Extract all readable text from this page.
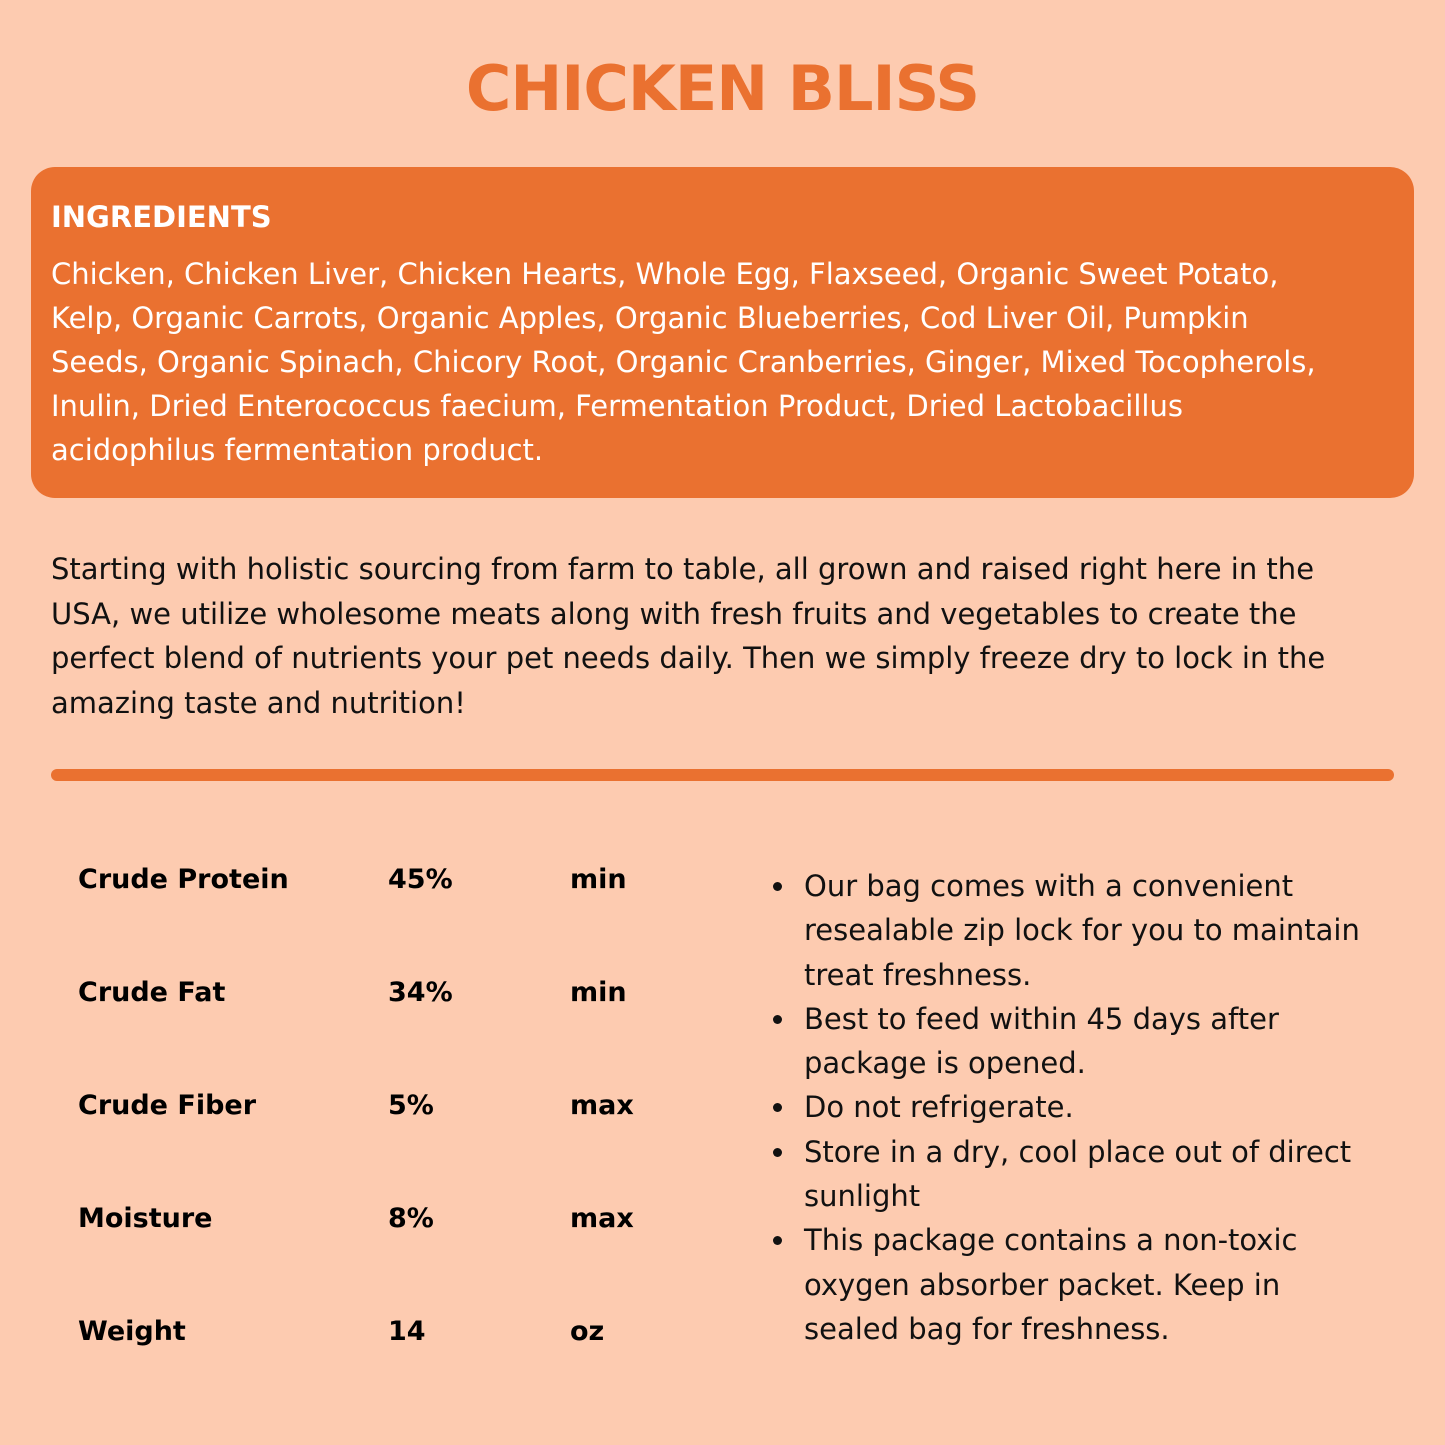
CHICKEN BLISS
INGREDIENTS
Chicken, Chicken Liver, Chicken Hearts, Whole Egg, Flaxseed, Organic Sweet Potato,
Kelp, Organic Carrots, Organic Apples, Organic Blueberries, Cod Liver Oil, Pumpkin
Seeds, Organic Spinach, Chicory Root, Organic Cranberries, Ginger, Mixed Tocopherols,
Inulin, Dried Enterococcus faecium, Fermentation Product, Dried Lactobacillus
acidophilus fermentation product.
Starting with holistic sourcing from farm to table, all grown and raised right here in the
USA, we utilize wholesome meats along with fresh fruits and vegetables to create the
perfect blend of nutrients your pet needs daily. Then we simply freeze dry to lock in the
amazing taste and nutrition!
Crude Protein	45%	min
Crude Fat	34%	min
Crude Fiber	5%	max
Moisture	8%	max
Weight	14	oz
Our bag comes with a convenient
resealable zip lock for you to maintain
treat freshness.
Best to feed within 45 days after
package is opened.
Do not refrigerate.
Store in a dry, cool place out of direct
sunlight
This package contains a non-toxic
oxygen absorber packet. Keep in
sealed bag for freshness.
